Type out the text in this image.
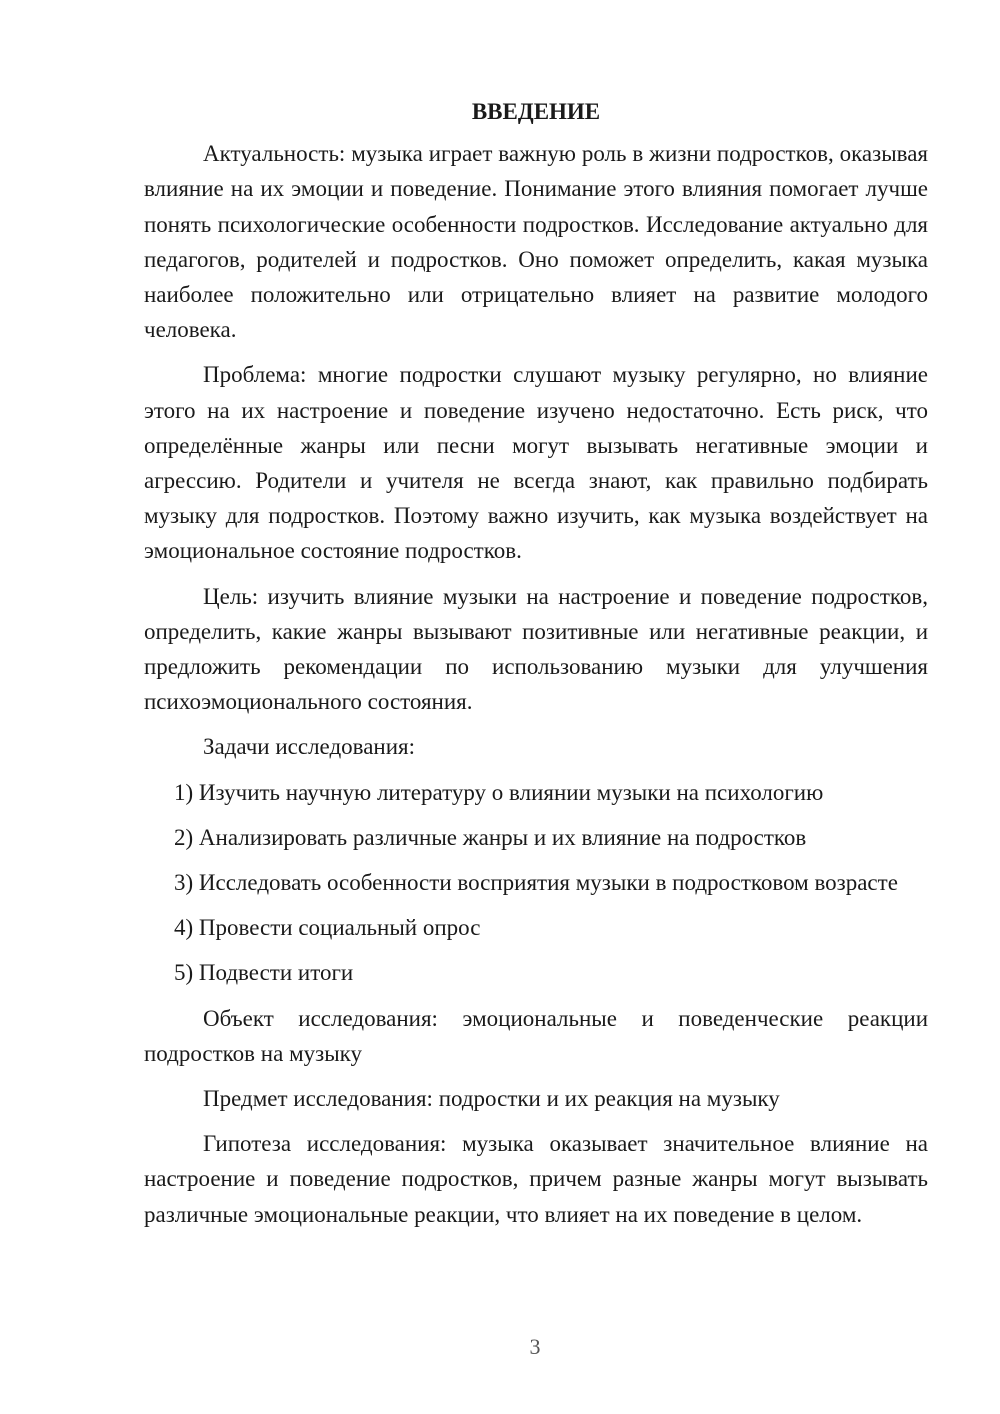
ВВЕДЕНИЕ

Актуальность: музыка играет важную роль в жизни подростков, оказывая влияние на их эмоции и поведение. Понимание этого влияния помогает лучше понять психологические особенности подростков. Исследование актуально для педагогов, родителей и подростков. Оно поможет определить, какая музыка наиболее положительно или отрицательно влияет на развитие молодого человека.

Проблема: многие подростки слушают музыку регулярно, но влияние этого на их настроение и поведение изучено недостаточно. Есть риск, что определённые жанры или песни могут вызывать негативные эмоции и агрессию. Родители и учителя не всегда знают, как правильно подбирать музыку для подростков. Поэтому важно изучить, как музыка воздействует на эмоциональное состояние подростков.

Цель: изучить влияние музыки на настроение и поведение подростков, определить, какие жанры вызывают позитивные или негативные реакции, и предложить рекомендации по использованию музыки для улучшения психоэмоционального состояния.

Задачи исследования:

1) Изучить научную литературу о влиянии музыки на психологию

2) Анализировать различные жанры и их влияние на подростков

3) Исследовать особенности восприятия музыки в подростковом возрасте

4) Провести социальный опрос

5) Подвести итоги

Объект исследования: эмоциональные и поведенческие реакции подростков на музыку

Предмет исследования: подростки и их реакция на музыку

Гипотеза исследования: музыка оказывает значительное влияние на настроение и поведение подростков, причем разные жанры могут вызывать различные эмоциональные реакции, что влияет на их поведение в целом.

3
